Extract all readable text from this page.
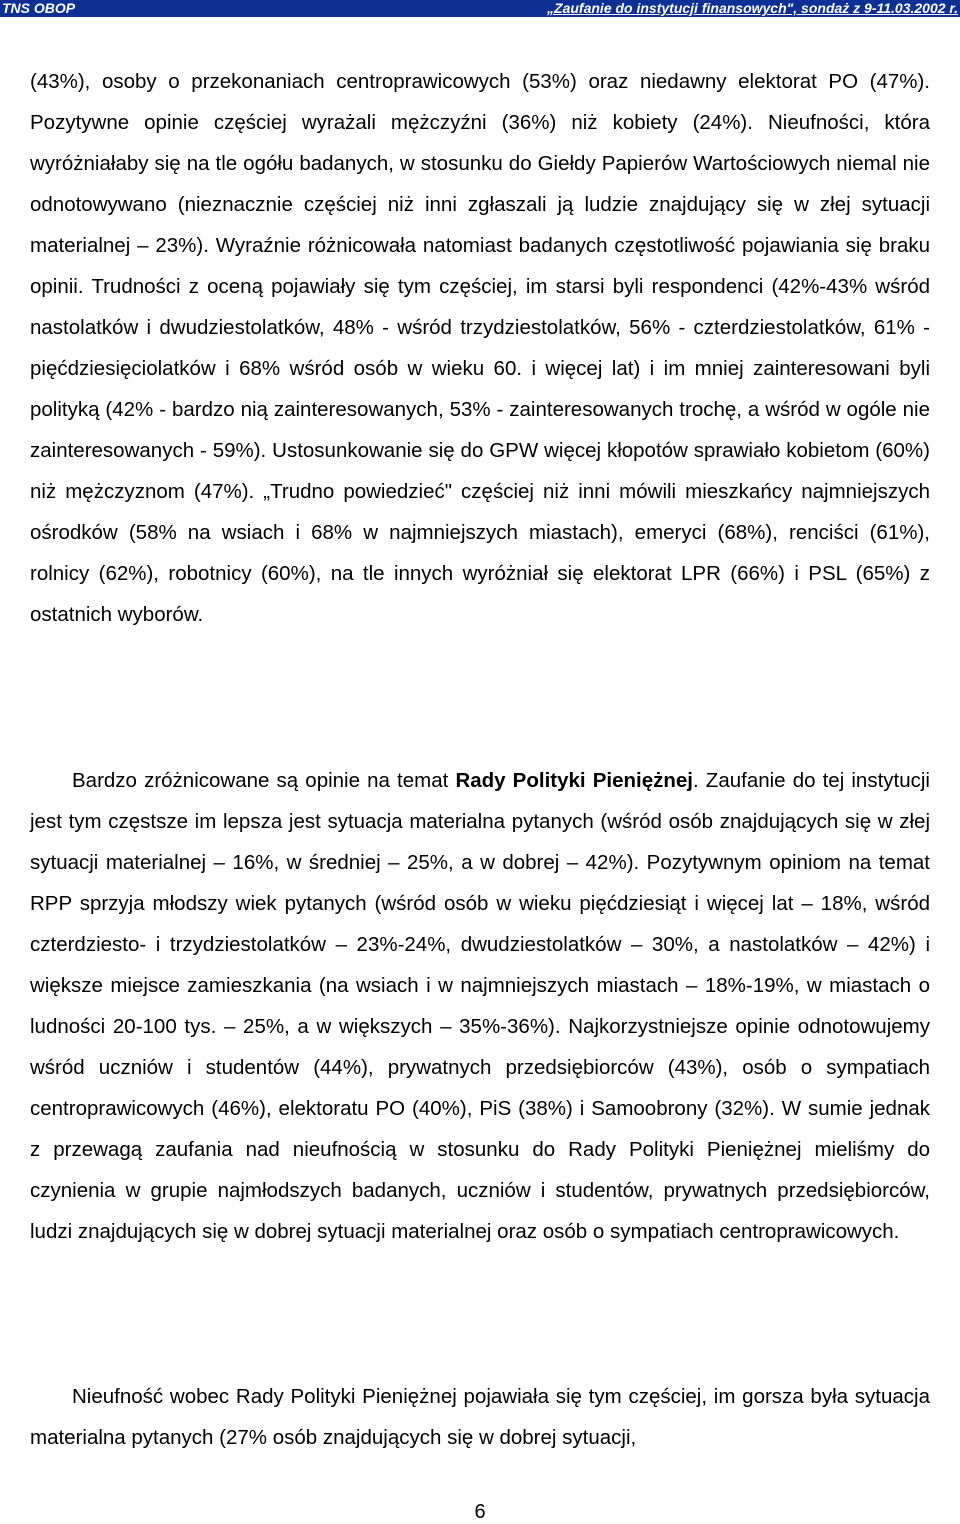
TNS OBOP	„Zaufanie do instytucji finansowych", sondaż z 9-11.03.2002 r.

(43%), osoby o przekonaniach centroprawicowych (53%) oraz niedawny elektorat PO (47%). Pozytywne opinie częściej wyrażali mężczyźni (36%) niż kobiety (24%). Nieufności, która wyróżniałaby się na tle ogółu badanych, w stosunku do Giełdy Papierów Wartościowych niemal nie odnotowywano (nieznacznie częściej niż inni zgłaszali ją ludzie znajdujący się w złej sytuacji materialnej – 23%). Wyraźnie różnicowała natomiast badanych częstotliwość pojawiania się braku opinii. Trudności z oceną pojawiały się tym częściej, im starsi byli respondenci (42%-43% wśród nastolatków i dwudziestolatków, 48% - wśród trzydziestolatków, 56% - czterdziestolatków, 61% - pięćdziesięciolatków i 68% wśród osób w wieku 60. i więcej lat) i im mniej zainteresowani byli polityką (42% - bardzo nią zainteresowanych, 53% - zainteresowanych trochę, a wśród w ogóle nie zainteresowanych - 59%). Ustosunkowanie się do GPW więcej kłopotów sprawiało kobietom (60%) niż mężczyznom (47%). „Trudno powiedzieć" częściej niż inni mówili mieszkańcy najmniejszych ośrodków (58% na wsiach i 68% w najmniejszych miastach), emeryci (68%), renciści (61%), rolnicy (62%), robotnicy (60%), na tle innych wyróżniał się elektorat LPR (66%) i PSL (65%) z ostatnich wyborów.

Bardzo zróżnicowane są opinie na temat Rady Polityki Pieniężnej. Zaufanie do tej instytucji jest tym częstsze im lepsza jest sytuacja materialna pytanych (wśród osób znajdujących się w złej sytuacji materialnej – 16%, w średniej – 25%, a w dobrej – 42%). Pozytywnym opiniom na temat RPP sprzyja młodszy wiek pytanych (wśród osób w wieku pięćdziesiąt i więcej lat – 18%, wśród czterdziesto- i trzydziestolatków – 23%-24%, dwudziestolatków – 30%, a nastolatków – 42%) i większe miejsce zamieszkania (na wsiach i w najmniejszych miastach – 18%-19%, w miastach o ludności 20-100 tys. – 25%, a w większych – 35%-36%). Najkorzystniejsze opinie odnotowujemy wśród uczniów i studentów (44%), prywatnych przedsiębiorców (43%), osób o sympatiach centroprawicowych (46%), elektoratu PO (40%), PiS (38%) i Samoobrony (32%). W sumie jednak z przewagą zaufania nad nieufnością w stosunku do Rady Polityki Pieniężnej mieliśmy do czynienia w grupie najmłodszych badanych, uczniów i studentów, prywatnych przedsiębiorców, ludzi znajdujących się w dobrej sytuacji materialnej oraz osób o sympatiach centroprawicowych.

Nieufność wobec Rady Polityki Pieniężnej pojawiała się tym częściej, im gorsza była sytuacja materialna pytanych (27% osób znajdujących się w dobrej sytuacji,

6
